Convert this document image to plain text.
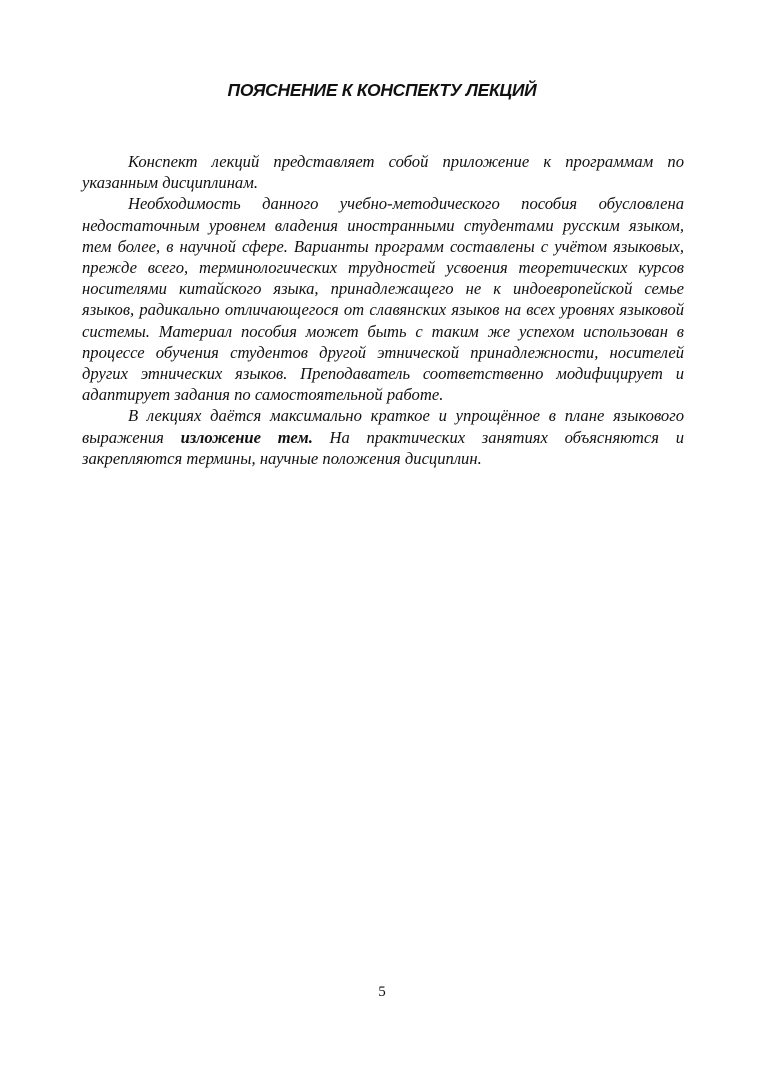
ПОЯСНЕНИЕ К КОНСПЕКТУ ЛЕКЦИЙ

Конспект лекций представляет собой приложение к программам по указанным дисциплинам.

Необходимость данного учебно-методического пособия обусловлена недостаточным уровнем владения иностранными студентами русским языком, тем более, в научной сфере. Варианты программ составлены с учётом языковых, прежде всего, терминологических трудностей усвоения теоретических курсов носителями китайского языка, принадлежащего не к индоевропейской семье языков, радикально отличающегося от славянских языков на всех уровнях языковой системы. Материал пособия может быть с таким же успехом использован в процессе обучения студентов другой этнической принадлежности, носителей других этнических языков. Преподаватель соответственно модифицирует и адаптирует задания по самостоятельной работе.

В лекциях даётся максимально краткое и упрощённое в плане языкового выражения изложение тем. На практических занятиях объясняются и закрепляются термины, научные положения дисциплин.

5
